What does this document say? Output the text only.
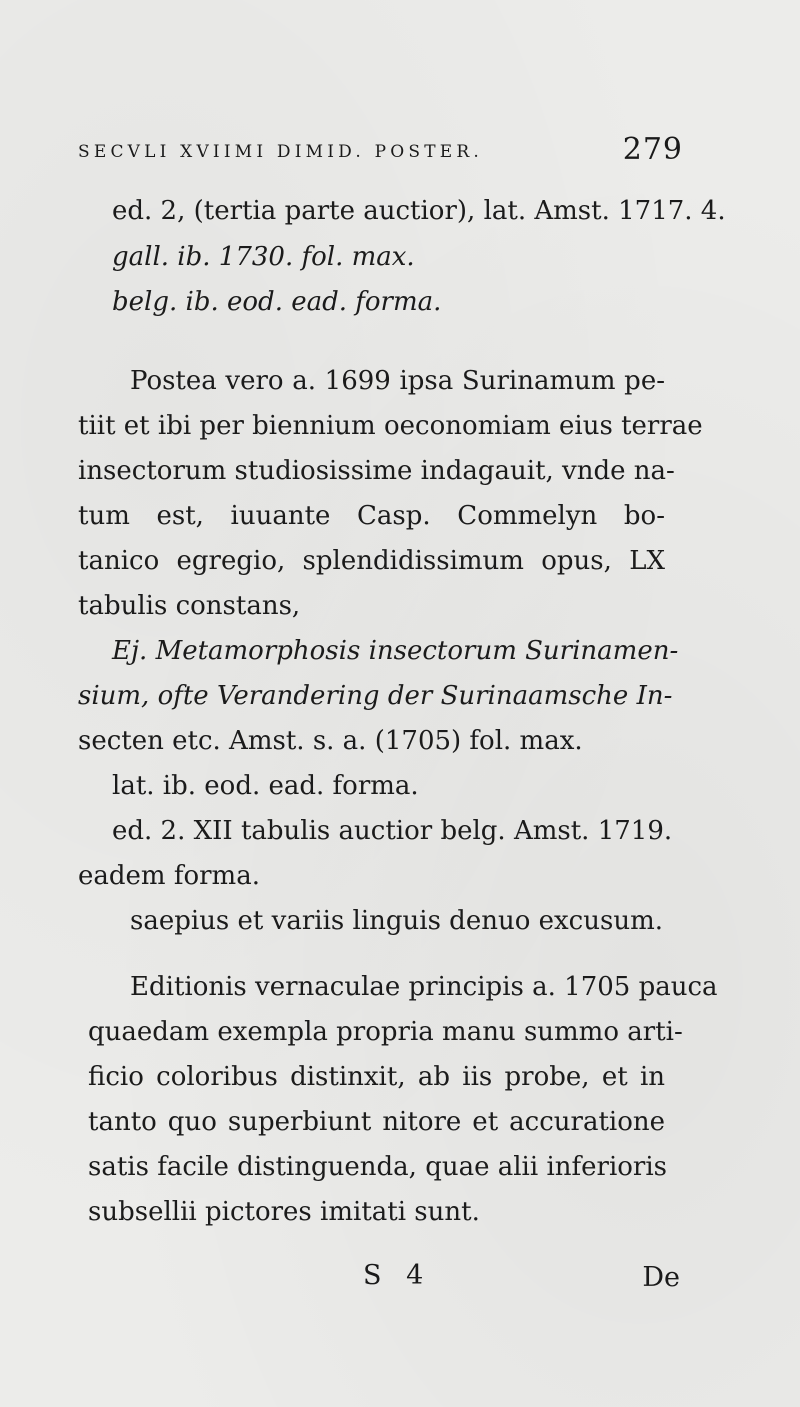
SECVLI XVIIMI DIMID. POSTER.	279
ed. 2, (tertia parte auctior), lat. Amst. 1717. 4.
gall. ib. 1730. fol. max.
belg. ib. eod. ead. forma.
Postea vero a. 1699 ipsa Surinamum pe-
tiit et ibi per biennium oeconomiam eius terrae
insectorum studiosissime indagauit, vnde na-
tum est, iuuante Casp. Commelyn bo-
tanico egregio, splendidissimum opus, LX
tabulis constans,
Ej. Metamorphosis insectorum Surinamen-
sium, ofte Verandering der Surinaamsche In-
secten etc. Amst. s. a. (1705) fol. max.
lat. ib. eod. ead. forma.
ed. 2. XII tabulis auctior belg. Amst. 1719.
eadem forma.
saepius et variis linguis denuo excusum.
Editionis vernaculae principis a. 1705 pauca
quaedam exempla propria manu summo arti-
ficio coloribus distinxit, ab iis probe, et in
tanto quo superbiunt nitore et accuratione
satis facile distinguenda, quae alii inferioris
subsellii pictores imitati sunt.
S 4	De
